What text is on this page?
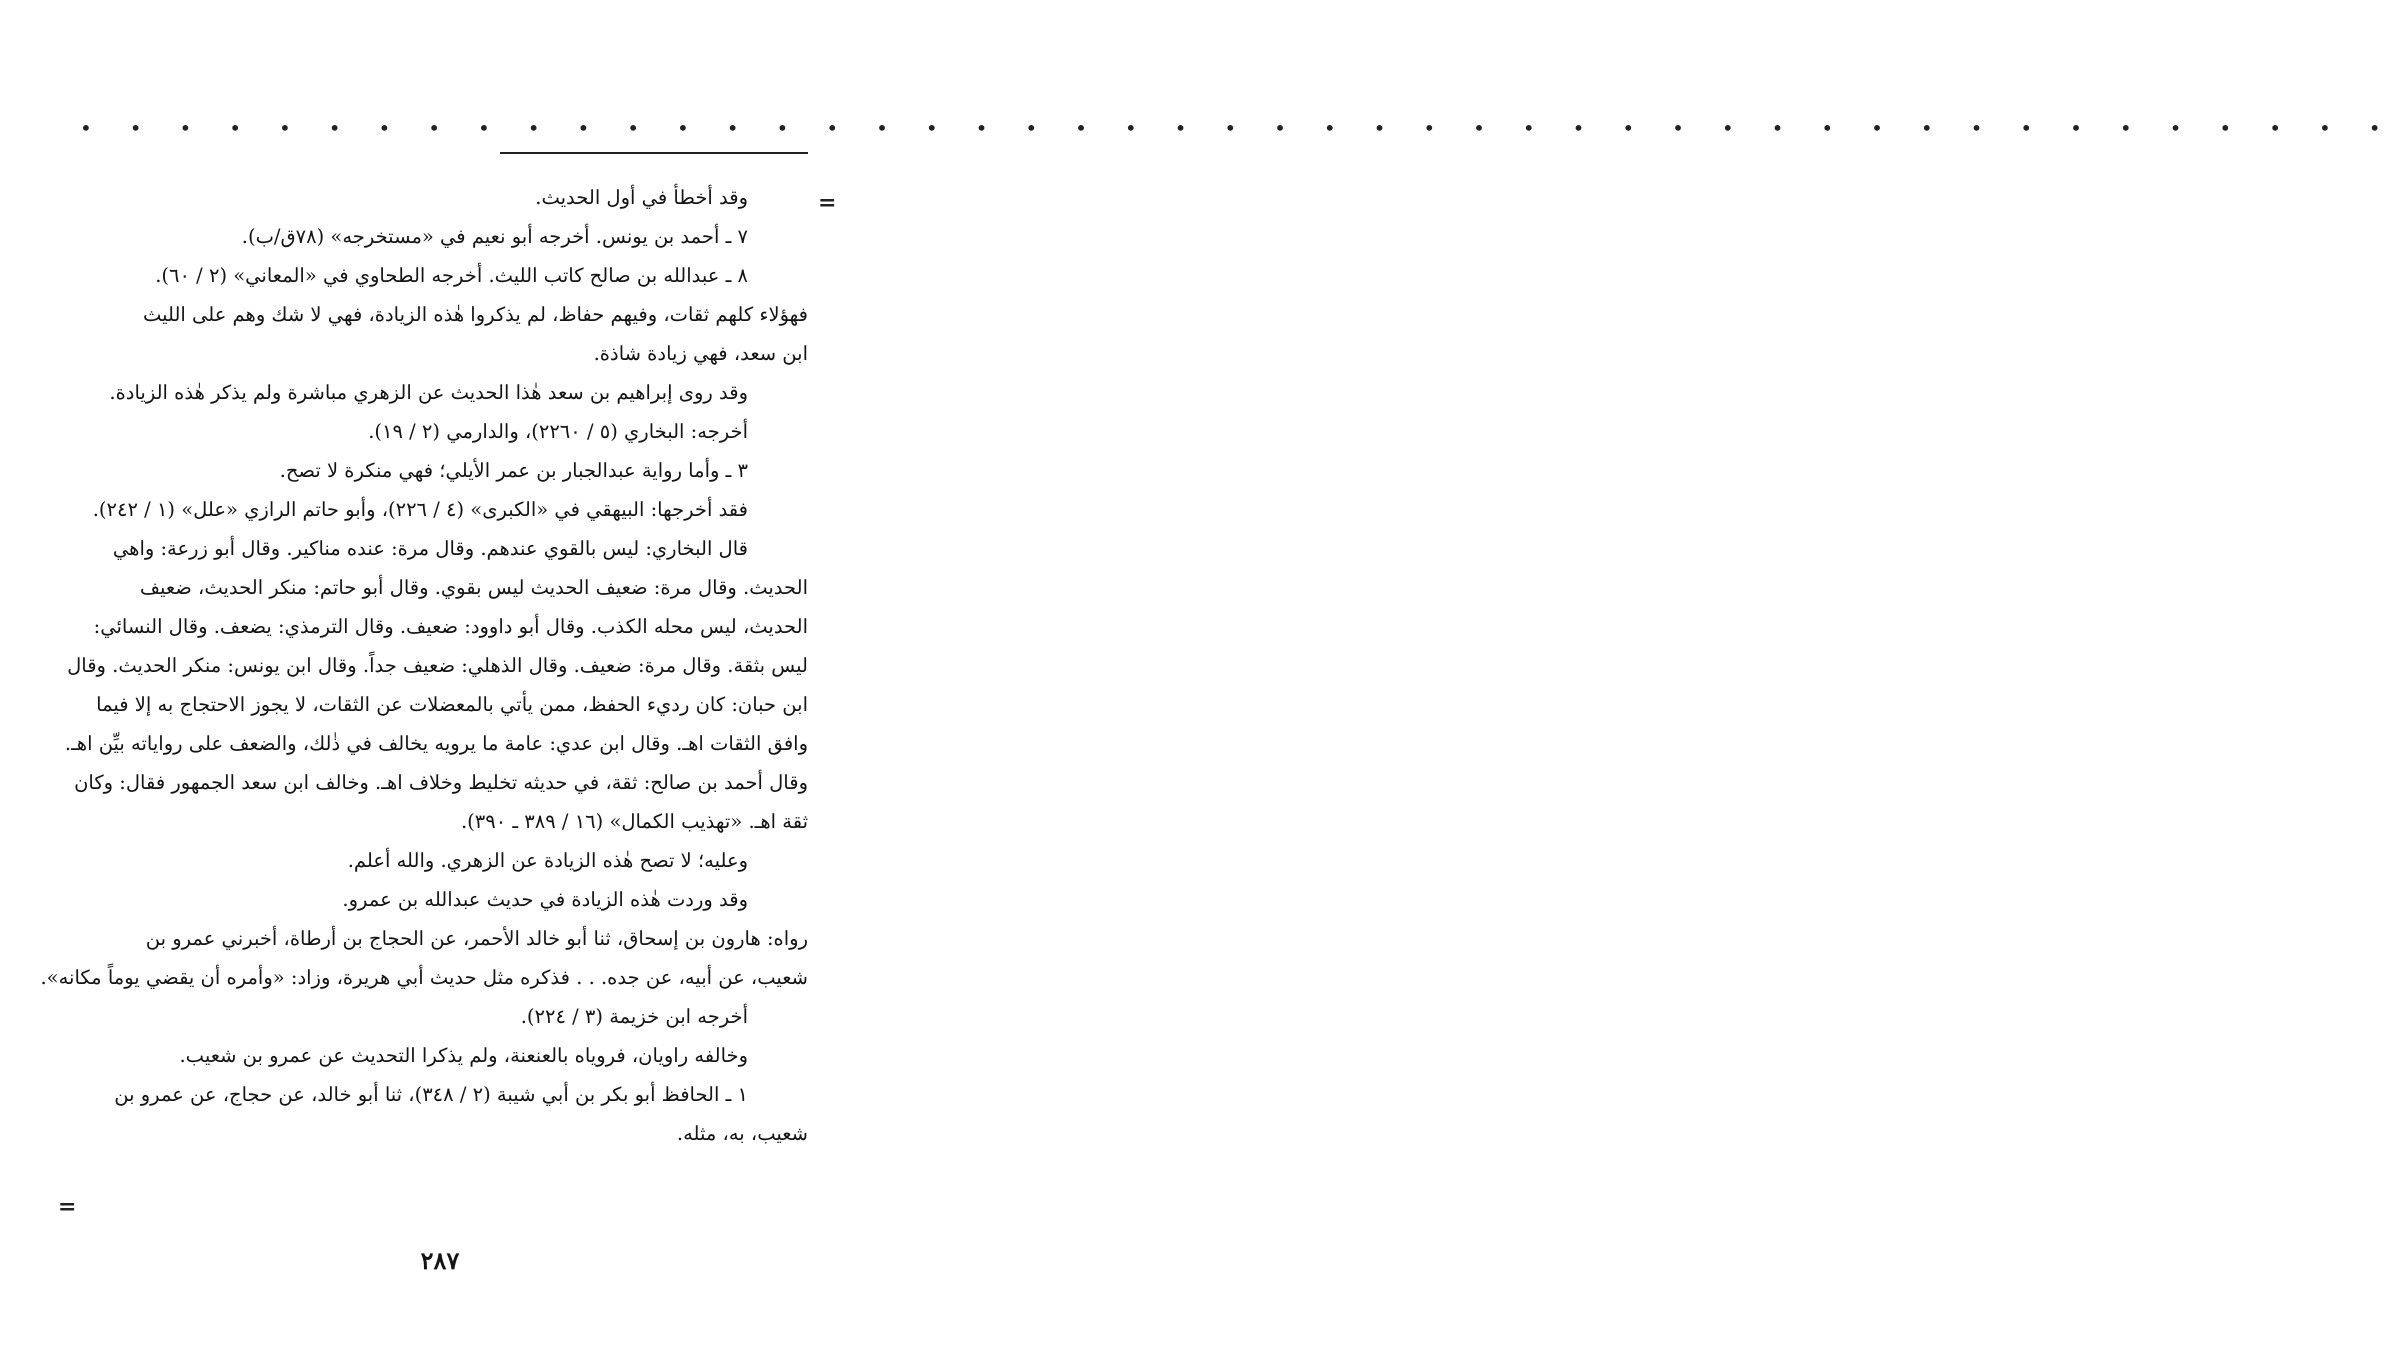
• • • • • • • • • • • • • • • • • • • • • • • • • • • • • • • • • • • • • • • • • • • • • • •
=
وقد أخطأ في أول الحديث.
٧ ـ أحمد بن يونس. أخرجه أبو نعيم في «مستخرجه» (٧٨ق/ب).
٨ ـ عبدالله بن صالح كاتب الليث. أخرجه الطحاوي في «المعاني» (٢ / ٦٠).
فهؤلاء كلهم ثقات، وفيهم حفاظ، لم يذكروا هٰذه الزيادة، فهي لا شك وهم على الليث
ابن سعد، فهي زيادة شاذة.
وقد روى إبراهيم بن سعد هٰذا الحديث عن الزهري مباشرة ولم يذكر هٰذه الزيادة.
أخرجه: البخاري (٥ / ٢٢٦٠)، والدارمي (٢ / ١٩).
٣ ـ وأما رواية عبدالجبار بن عمر الأيلي؛ فهي منكرة لا تصح.
فقد أخرجها: البيهقي في «الكبرى» (٤ / ٢٢٦)، وأبو حاتم الرازي «علل» (١ / ٢٤٢).
قال البخاري: ليس بالقوي عندهم. وقال مرة: عنده مناكير. وقال أبو زرعة: واهي
الحديث. وقال مرة: ضعيف الحديث ليس بقوي. وقال أبو حاتم: منكر الحديث، ضعيف
الحديث، ليس محله الكذب. وقال أبو داوود: ضعيف. وقال الترمذي: يضعف. وقال النسائي:
ليس بثقة. وقال مرة: ضعيف. وقال الذهلي: ضعيف جداً. وقال ابن يونس: منكر الحديث. وقال
ابن حبان: كان رديء الحفظ، ممن يأتي بالمعضلات عن الثقات، لا يجوز الاحتجاج به إلا فيما
وافق الثقات اهـ. وقال ابن عدي: عامة ما يرويه يخالف في ذٰلك، والضعف على رواياته بيِّن اهـ.
وقال أحمد بن صالح: ثقة، في حديثه تخليط وخلاف اهـ. وخالف ابن سعد الجمهور فقال: وكان
ثقة اهـ. «تهذيب الكمال» (١٦ / ٣٨٩ ـ ٣٩٠).
وعليه؛ لا تصح هٰذه الزيادة عن الزهري. والله أعلم.
وقد وردت هٰذه الزيادة في حديث عبدالله بن عمرو.
رواه: هارون بن إسحاق، ثنا أبو خالد الأحمر، عن الحجاج بن أرطاة، أخبرني عمرو بن
شعيب، عن أبيه، عن جده. . . فذكره مثل حديث أبي هريرة، وزاد: «وأمره أن يقضي يوماً مكانه».
أخرجه ابن خزيمة (٣ / ٢٢٤).
وخالفه راويان، فروياه بالعنعنة، ولم يذكرا التحديث عن عمرو بن شعيب.
١ ـ الحافظ أبو بكر بن أبي شيبة (٢ / ٣٤٨)، ثنا أبو خالد، عن حجاج، عن عمرو بن
شعيب، به، مثله.
=
٢٨٧
